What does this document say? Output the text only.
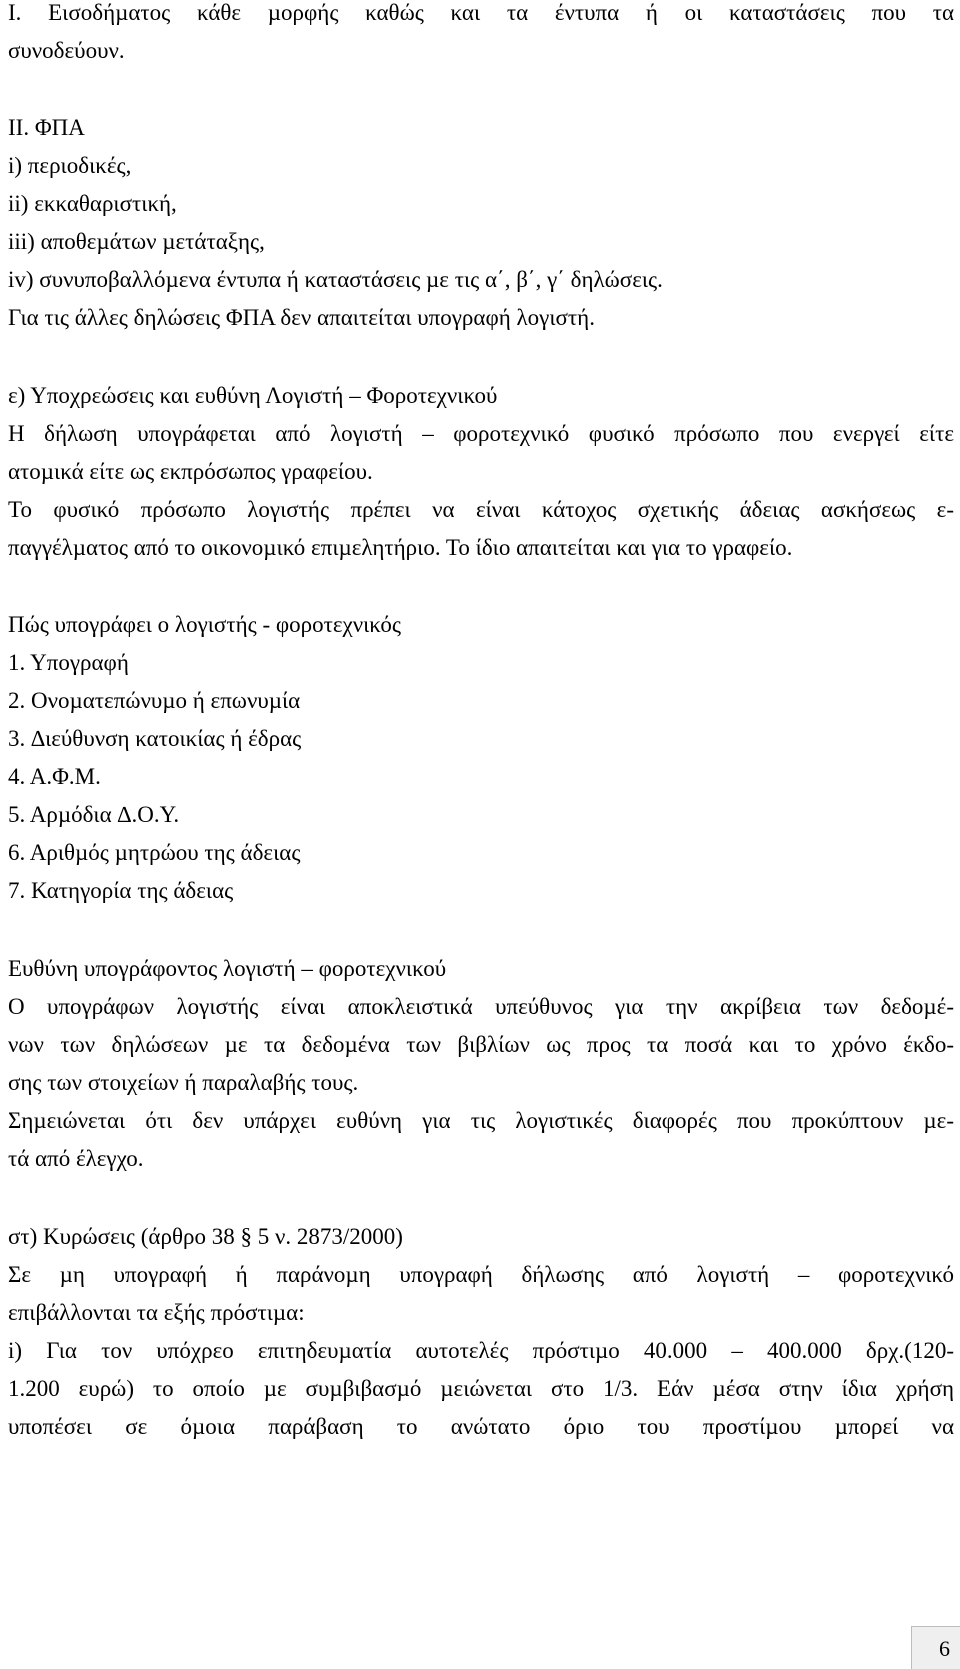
I. Εισοδήµατος κάθε µορφής καθώς και τα έντυπα ή οι καταστάσεις που τα
συνοδεύουν.
II. ΦΠΑ
i) περιοδικές,
ii) εκκαθαριστική,
iii) αποθεµάτων µετάταξης,
iv) συνυποβαλλόµενα έντυπα ή καταστάσεις µε τις α΄, β΄, γ΄ δηλώσεις.
Για τις άλλες δηλώσεις ΦΠΑ δεν απαιτείται υπογραφή λογιστή.
ε) Υποχρεώσεις και ευθύνη Λογιστή – Φοροτεχνικού
Η δήλωση υπογράφεται από λογιστή – φοροτεχνικό φυσικό πρόσωπο που ενεργεί είτε
ατοµικά είτε ως εκπρόσωπος γραφείου.
Το φυσικό πρόσωπο λογιστής πρέπει να είναι κάτοχος σχετικής άδειας ασκήσεως ε-
παγγέλµατος από το οικονοµικό επιµελητήριο. Το ίδιο απαιτείται και για το γραφείο.
Πώς υπογράφει ο λογιστής - φοροτεχνικός
1. Υπογραφή
2. Ονοµατεπώνυµο ή επωνυµία
3. ∆ιεύθυνση κατοικίας ή έδρας
4. Α.Φ.Μ.
5. Αρµόδια ∆.Ο.Υ.
6. Αριθµός µητρώου της άδειας
7. Κατηγορία της άδειας
Ευθύνη υπογράφοντος λογιστή – φοροτεχνικού
Ο υπογράφων λογιστής είναι αποκλειστικά υπεύθυνος για την ακρίβεια των δεδοµέ-
νων των δηλώσεων µε τα δεδοµένα των βιβλίων ως προς τα ποσά και το χρόνο έκδο-
σης των στοιχείων ή παραλαβής τους.
Σηµειώνεται ότι δεν υπάρχει ευθύνη για τις λογιστικές διαφορές που προκύπτουν µε-
τά από έλεγχο.
στ) Κυρώσεις (άρθρο 38 § 5 ν. 2873/2000)
Σε µη υπογραφή ή παράνοµη υπογραφή δήλωσης από λογιστή – φοροτεχνικό
επιβάλλονται τα εξής πρόστιµα:
i) Για τον υπόχρεο επιτηδευµατία αυτοτελές πρόστιµο 40.000 – 400.000 δρχ.(120-
1.200 ευρώ) το οποίο µε συµβιβασµό µειώνεται στο 1/3. Εάν µέσα στην ίδια χρήση
υποπέσει σε όµοια παράβαση το ανώτατο όριο του προστίµου µπορεί να
6
